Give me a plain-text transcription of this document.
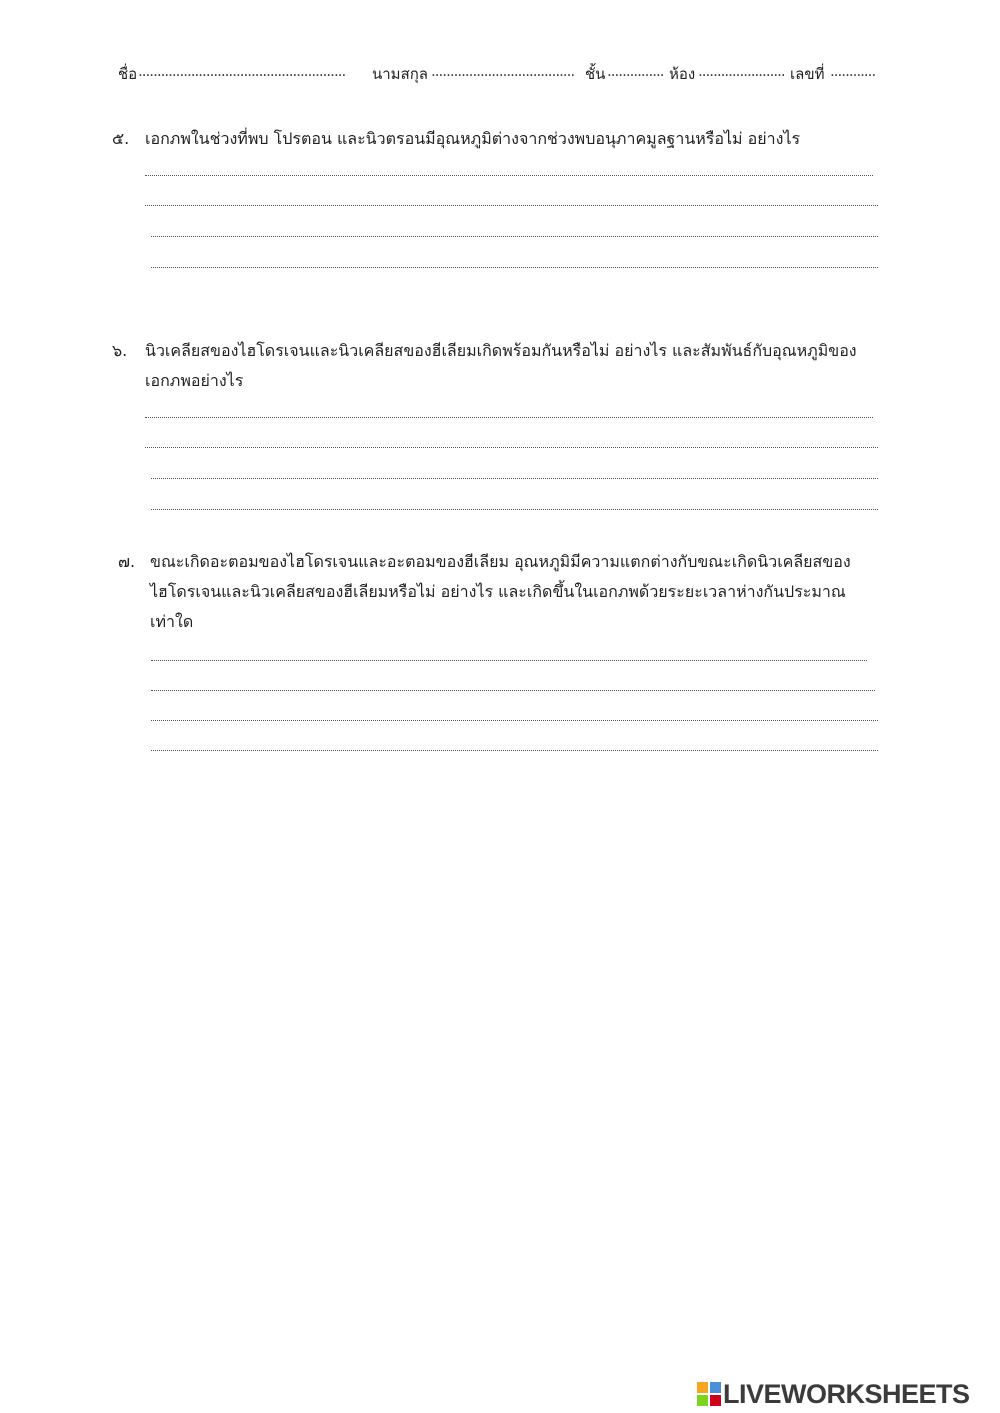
ชื่อ ....................................................... นามสกุล ...................................... ชั้น ............... ห้อง ....................... เลขที่ ............
๕. เอกภพในช่วงที่พบ โปรตอน และนิวตรอนมีอุณหภูมิต่างจากช่วงพบอนุภาคมูลฐานหรือไม่ อย่างไร
๖. นิวเคลียสของไฮโดรเจนและนิวเคลียสของฮีเลียมเกิดพร้อมกันหรือไม่ อย่างไร และสัมพันธ์กับอุณหภูมิของ
เอกภพอย่างไร
๗. ขณะเกิดอะตอมของไฮโดรเจนและอะตอมของฮีเลียม อุณหภูมิมีความแตกต่างกับขณะเกิดนิวเคลียสของ
ไฮโดรเจนและนิวเคลียสของฮีเลียมหรือไม่ อย่างไร และเกิดขึ้นในเอกภพด้วยระยะเวลาห่างกันประมาณ
เท่าใด
LIVEWORKSHEETS
